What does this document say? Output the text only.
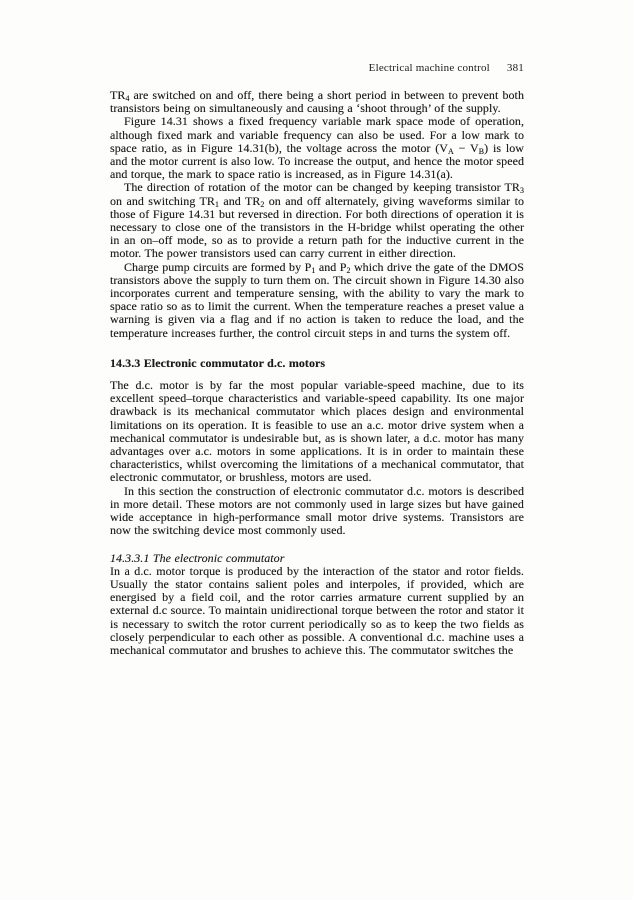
Electrical machine control 381

$TR_4$ are switched on and off, there being a short period in between to prevent both transistors being on simultaneously and causing a ‘shoot through’ of the supply.

Figure 14.31 shows a fixed frequency variable mark space mode of operation, although fixed mark and variable frequency can also be used. For a low mark to space ratio, as in Figure 14.31(b), the voltage across the motor $(V_A - V_B)$ is low and the motor current is also low. To increase the output, and hence the motor speed and torque, the mark to space ratio is increased, as in Figure 14.31(a).

The direction of rotation of the motor can be changed by keeping transistor $TR_3$ on and switching $TR_1$ and $TR_2$ on and off alternately, giving waveforms similar to those of Figure 14.31 but reversed in direction. For both directions of operation it is necessary to close one of the transistors in the H-bridge whilst operating the other in an on–off mode, so as to provide a return path for the inductive current in the motor. The power transistors used can carry current in either direction.

Charge pump circuits are formed by $P_1$ and $P_2$ which drive the gate of the DMOS transistors above the supply to turn them on. The circuit shown in Figure 14.30 also incorporates current and temperature sensing, with the ability to vary the mark to space ratio so as to limit the current. When the temperature reaches a preset value a warning is given via a flag and if no action is taken to reduce the load, and the temperature increases further, the control circuit steps in and turns the system off.

14.3.3 Electronic commutator d.c. motors

The d.c. motor is by far the most popular variable-speed machine, due to its excellent speed–torque characteristics and variable-speed capability. Its one major drawback is its mechanical commutator which places design and environmental limitations on its operation. It is feasible to use an a.c. motor drive system when a mechanical commutator is undesirable but, as is shown later, a d.c. motor has many advantages over a.c. motors in some applications. It is in order to maintain these characteristics, whilst overcoming the limitations of a mechanical commutator, that electronic commutator, or brushless, motors are used.

In this section the construction of electronic commutator d.c. motors is described in more detail. These motors are not commonly used in large sizes but have gained wide acceptance in high-performance small motor drive systems. Transistors are now the switching device most commonly used.

14.3.3.1 The electronic commutator

In a d.c. motor torque is produced by the interaction of the stator and rotor fields. Usually the stator contains salient poles and interpoles, if provided, which are energised by a field coil, and the rotor carries armature current supplied by an external d.c source. To maintain unidirectional torque between the rotor and stator it is necessary to switch the rotor current periodically so as to keep the two fields as closely perpendicular to each other as possible. A conventional d.c. machine uses a mechanical commutator and brushes to achieve this. The commutator switches the
